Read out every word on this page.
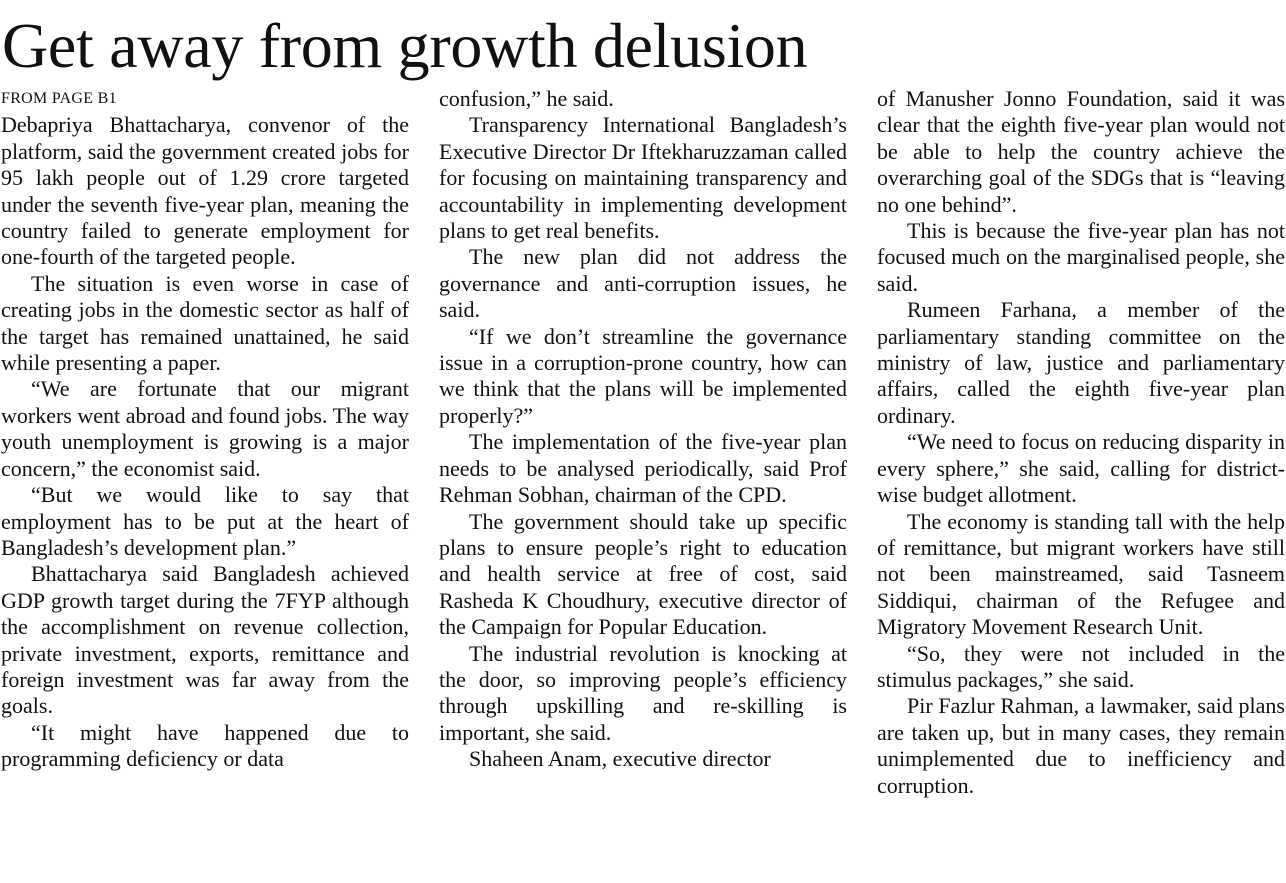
Get away from growth delusion
FROM PAGE B1

Debapriya Bhattacharya, convenor of the platform, said the government created jobs for 95 lakh people out of 1.29 crore targeted under the seventh five-year plan, meaning the country failed to generate employment for one-fourth of the targeted people.

The situation is even worse in case of creating jobs in the domestic sector as half of the target has remained unattained, he said while presenting a paper.

“We are fortunate that our migrant workers went abroad and found jobs. The way youth unemployment is growing is a major concern,” the economist said.

“But we would like to say that employment has to be put at the heart of Bangladesh’s development plan.”

Bhattacharya said Bangladesh achieved GDP growth target during the 7FYP although the accomplishment on revenue collection, private investment, exports, remittance and foreign investment was far away from the goals.

“It might have happened due to programming deficiency or data

confusion,” he said.

Transparency International Bangladesh’s Executive Director Dr Iftekharuzzaman called for focusing on maintaining transparency and accountability in implementing development plans to get real benefits.

The new plan did not address the governance and anti-corruption issues, he said.

“If we don’t streamline the governance issue in a corruption-prone country, how can we think that the plans will be implemented properly?”

The implementation of the five-year plan needs to be analysed periodically, said Prof Rehman Sobhan, chairman of the CPD.

The government should take up specific plans to ensure people’s right to education and health service at free of cost, said Rasheda K Choudhury, executive director of the Campaign for Popular Education.

The industrial revolution is knocking at the door, so improving people’s efficiency through upskilling and re-skilling is important, she said.

Shaheen Anam, executive director

of Manusher Jonno Foundation, said it was clear that the eighth five-year plan would not be able to help the country achieve the overarching goal of the SDGs that is “leaving no one behind”.

This is because the five-year plan has not focused much on the marginalised people, she said.

Rumeen Farhana, a member of the parliamentary standing committee on the ministry of law, justice and parliamentary affairs, called the eighth five-year plan ordinary.

“We need to focus on reducing disparity in every sphere,” she said, calling for district-wise budget allotment.

The economy is standing tall with the help of remittance, but migrant workers have still not been mainstreamed, said Tasneem Siddiqui, chairman of the Refugee and Migratory Movement Research Unit.

“So, they were not included in the stimulus packages,” she said.

Pir Fazlur Rahman, a lawmaker, said plans are taken up, but in many cases, they remain unimplemented due to inefficiency and corruption.
